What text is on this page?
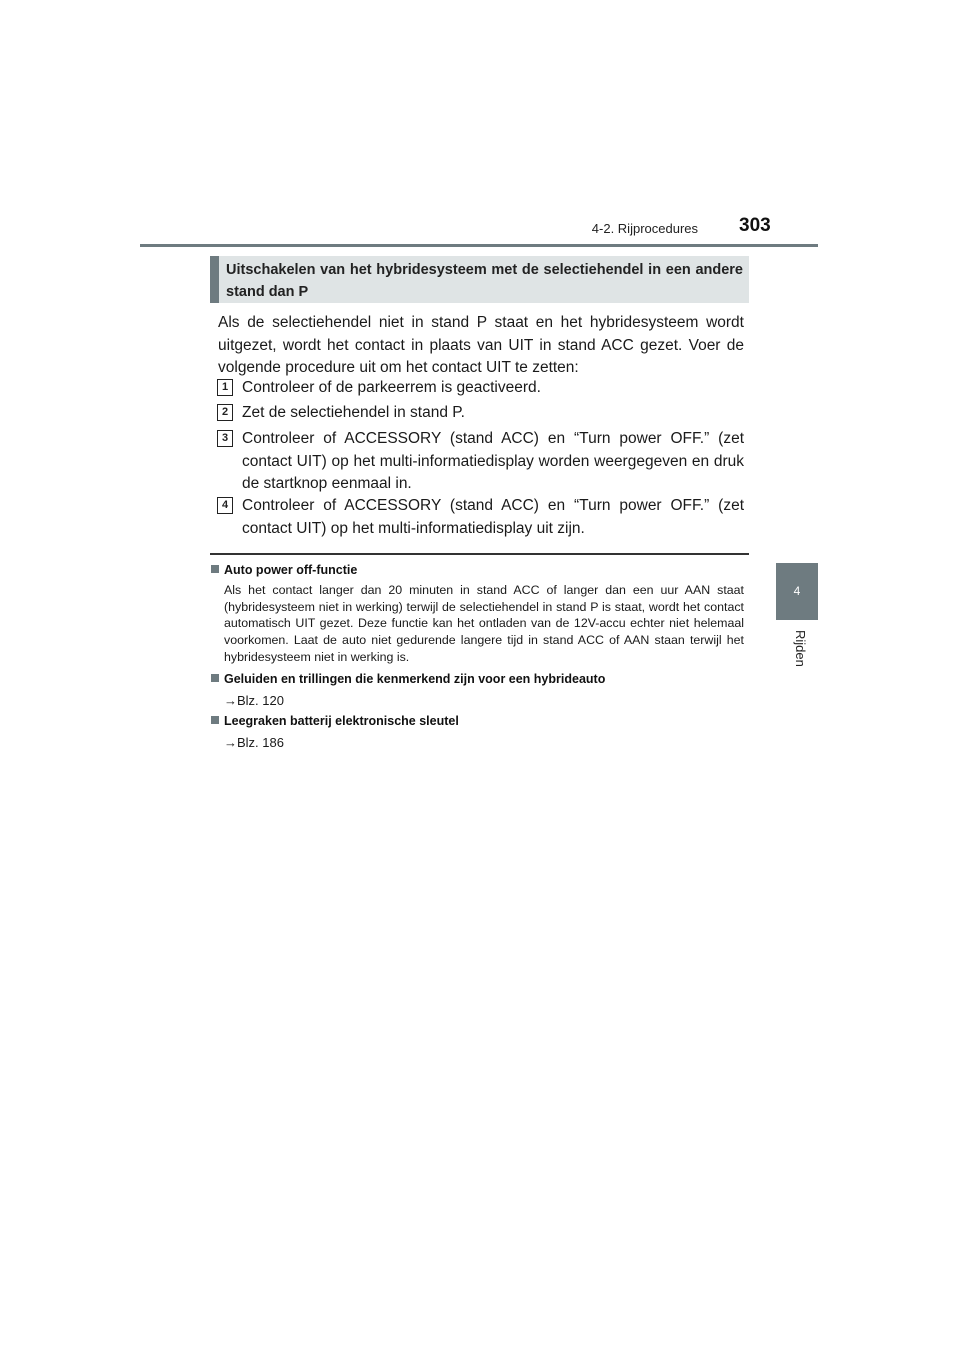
4-2. Rijprocedures 303
4
Rijden
Uitschakelen van het hybridesysteem met de selectiehendel in een andere stand dan P
Als de selectiehendel niet in stand P staat en het hybridesysteem wordt uitgezet, wordt het contact in plaats van UIT in stand ACC gezet. Voer de volgende procedure uit om het contact UIT te zetten:
1 Controleer of de parkeerrem is geactiveerd.
2 Zet de selectiehendel in stand P.
3 Controleer of ACCESSORY (stand ACC) en “Turn power OFF.” (zet contact UIT) op het multi-informatiedisplay worden weergegeven en druk de startknop eenmaal in.
4 Controleer of ACCESSORY (stand ACC) en “Turn power OFF.” (zet contact UIT) op het multi-informatiedisplay uit zijn.
Auto power off-functie
Als het contact langer dan 20 minuten in stand ACC of langer dan een uur AAN staat (hybridesysteem niet in werking) terwijl de selectiehendel in stand P is staat, wordt het contact automatisch UIT gezet. Deze functie kan het ontladen van de 12V-accu echter niet helemaal voorkomen. Laat de auto niet gedurende langere tijd in stand ACC of AAN staan terwijl het hybridesysteem niet in werking is.
Geluiden en trillingen die kenmerkend zijn voor een hybrideauto
→Blz. 120
Leegraken batterij elektronische sleutel
→Blz. 186
